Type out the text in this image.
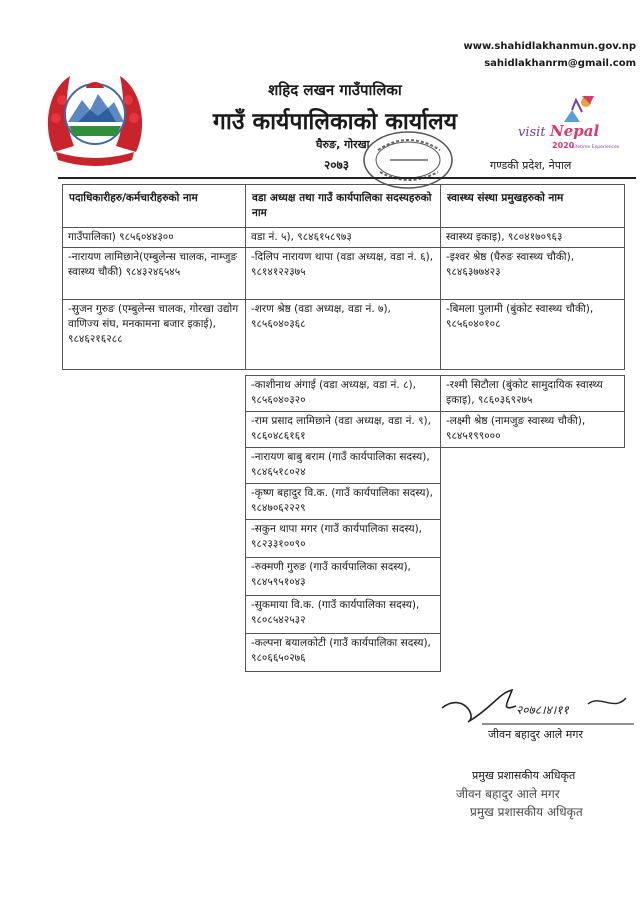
www.shahidlakhanmun.gov.np
sahidlakhanrm@gmail.com
शहिद लखन गाउँपालिका
गाउँ कार्यपालिकाको कार्यालय
घैरुङ, गोरखा
२०७३
visit Nepal
2020
Lifetime Experiences
गण्डकी प्रदेश, नेपाल
पदाधिकारीहरु/कर्मचारीहरुको नाम	वडा अध्यक्ष तथा गाउँ कार्यपालिका सदस्यहरुको नाम	स्वास्थ्य संस्था प्रमुखहरुको नाम
गाउँपालिका) ९८५६०४४३००	वडा नं. ५), ९८४६१५८९७३	स्वास्थ्य इकाइ), ९८०४१७०९६३
-नारायण लामिछाने(एम्बुलेन्स चालक, नाम्जुङ स्वास्थ्य चौकी) ९८४३२४६५४५	-दिलिप नारायण थापा (वडा अध्यक्ष, वडा नं. ६), ९८१४१२२३७५	-इश्वर श्रेष्ठ (घैरुङ स्वास्थ्य चौकी), ९८४६३७७४२३
-सुजन गुरुङ (एम्बुलेन्स चालक, गोरखा उद्योग वाणिज्य संघ, मनकामना बजार इकाई), ९८४६२१६२८८	-शरण श्रेष्ठ (वडा अध्यक्ष, वडा नं. ७), ९८५६०४०३६८	-बिमला पुलामी (बुंकोट स्वास्थ्य चौकी), ९८५६०४०१०८

	-काशीनाथ अंगाई (वडा अध्यक्ष, वडा नं. ८), ९८५६०४०३२०	-रश्मी सिटौला (बुंकोट सामुदायिक स्वास्थ्य इकाइ), ९८६०३६९२७५
	-राम प्रसाद लामिछाने (वडा अध्यक्ष, वडा नं. ९), ९८६०४८६१६१	-लक्ष्मी श्रेष्ठ (नामजुङ स्वास्थ्य चौकी), ९८४५१९९०००
	-नारायण बाबु बराम (गाउँ कार्यपालिका सदस्य), ९८४६५१८०२४	
	-कृष्ण बहादुर वि.क. (गाउँ कार्यपालिका सदस्य), ९८४७०६२२२९	
	-सकुन थापा मगर (गाउँ कार्यपालिका सदस्य), ९८२३३१००९०	
	-रुक्मणी गुरुङ (गाउँ कार्यपालिका सदस्य), ९८४५९५१०४३	
	-सुकमाया वि.क. (गाउँ कार्यपालिका सदस्य), ९८०८५४२५३२	
	-कल्पना बयालकोटी (गाउँ कार्यपालिका सदस्य), ९८०६६५०२७६	
२०७८।४।११
जीवन बहादुर आले मगर
प्रमुख प्रशासकीय अधिकृत
जीवन बहादुर आले मगर
प्रमुख प्रशासकीय अधिकृत
